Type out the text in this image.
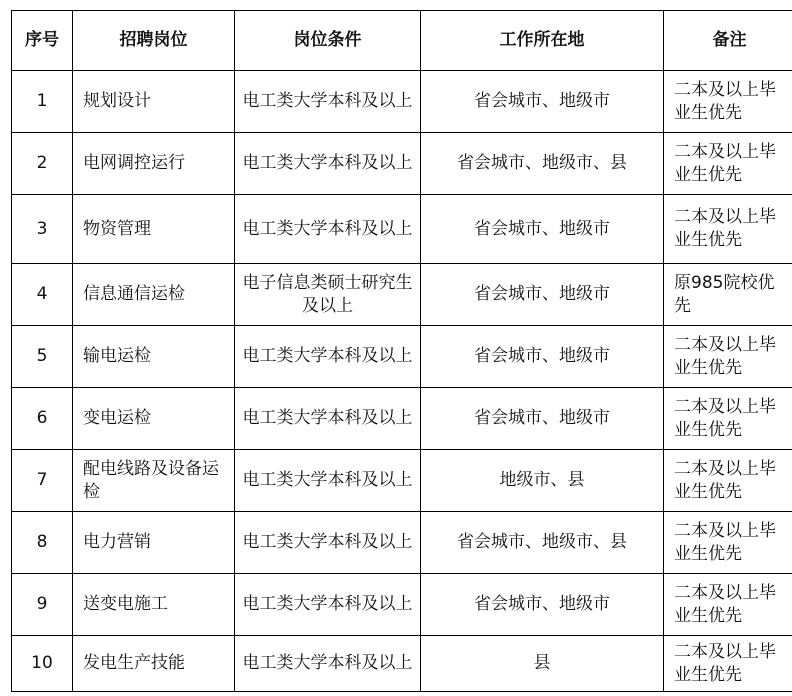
序号	招聘岗位	岗位条件	工作所在地	备注
1	规划设计	电工类大学本科及以上	省会城市、地级市	二本及以上毕业生优先
2	电网调控运行	电工类大学本科及以上	省会城市、地级市、县	二本及以上毕业生优先
3	物资管理	电工类大学本科及以上	省会城市、地级市	二本及以上毕业生优先
4	信息通信运检	电子信息类硕士研究生及以上	省会城市、地级市	原985院校优先
5	输电运检	电工类大学本科及以上	省会城市、地级市	二本及以上毕业生优先
6	变电运检	电工类大学本科及以上	省会城市、地级市	二本及以上毕业生优先
7	配电线路及设备运检	电工类大学本科及以上	地级市、县	二本及以上毕业生优先
8	电力营销	电工类大学本科及以上	省会城市、地级市、县	二本及以上毕业生优先
9	送变电施工	电工类大学本科及以上	省会城市、地级市	二本及以上毕业生优先
10	发电生产技能	电工类大学本科及以上	县	二本及以上毕业生优先
